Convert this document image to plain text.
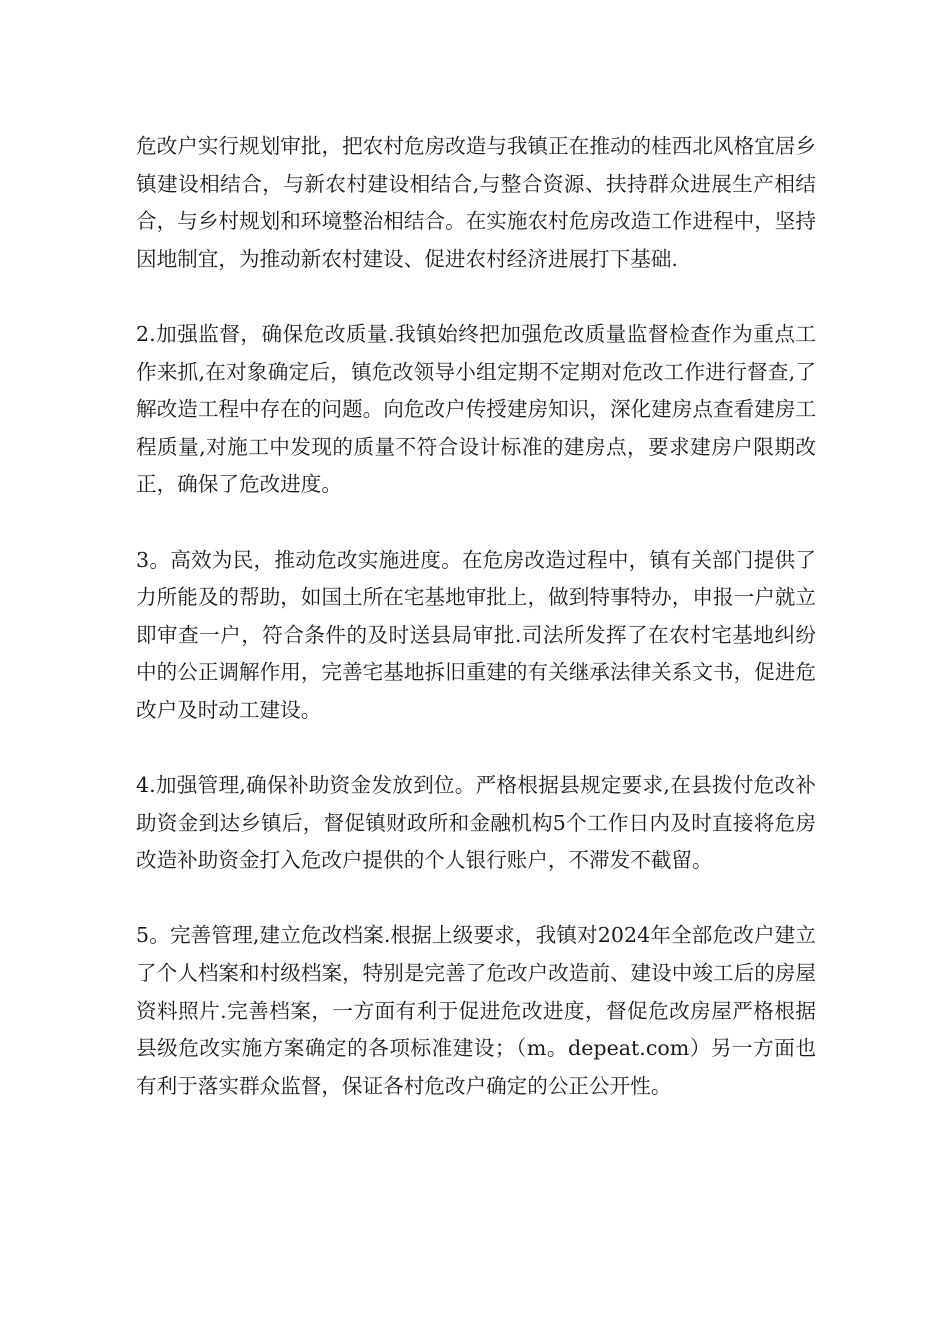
危改户实行规划审批，把农村危房改造与我镇正在推动的桂西北风格宜居乡镇建设相结合，与新农村建设相结合,与整合资源、扶持群众进展生产相结合，与乡村规划和环境整治相结合。在实施农村危房改造工作进程中，坚持因地制宜，为推动新农村建设、促进农村经济进展打下基础.

2.加强监督，确保危改质量.我镇始终把加强危改质量监督检查作为重点工作来抓,在对象确定后，镇危改领导小组定期不定期对危改工作进行督查,了解改造工程中存在的问题。向危改户传授建房知识，深化建房点查看建房工程质量,对施工中发现的质量不符合设计标准的建房点，要求建房户限期改正，确保了危改进度。

3。高效为民，推动危改实施进度。在危房改造过程中，镇有关部门提供了力所能及的帮助，如国土所在宅基地审批上，做到特事特办，申报一户就立即审查一户，符合条件的及时送县局审批.司法所发挥了在农村宅基地纠纷中的公正调解作用，完善宅基地拆旧重建的有关继承法律关系文书，促进危改户及时动工建设。

4.加强管理,确保补助资金发放到位。严格根据县规定要求,在县拨付危改补助资金到达乡镇后，督促镇财政所和金融机构5个工作日内及时直接将危房改造补助资金打入危改户提供的个人银行账户，不滞发不截留。

5。完善管理,建立危改档案.根据上级要求，我镇对2024年全部危改户建立了个人档案和村级档案，特别是完善了危改户改造前、建设中竣工后的房屋资料照片.完善档案，一方面有利于促进危改进度，督促危改房屋严格根据县级危改实施方案确定的各项标准建设；（m。depeat.com）另一方面也有利于落实群众监督，保证各村危改户确定的公正公开性。
